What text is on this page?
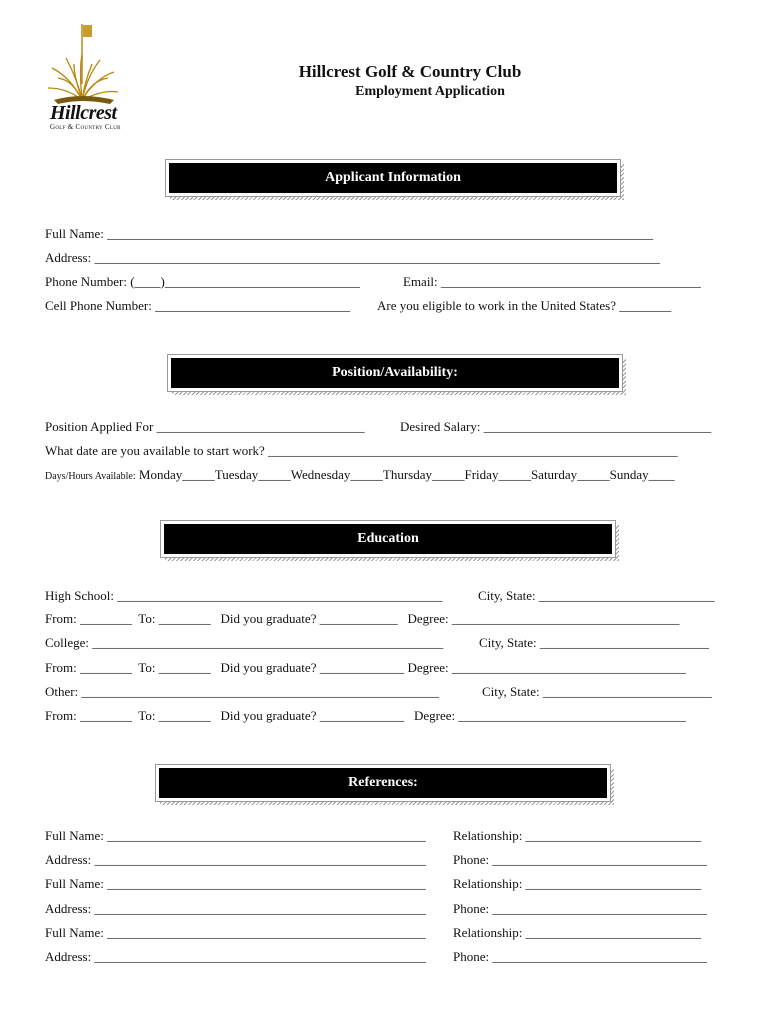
Hillcrest
Golf & Country Club
Hillcrest Golf & Country Club
Employment Application
Applicant Information
Full Name: ____________________________________________________________________________________
Address: _______________________________________________________________________________________
Phone Number: (____)______________________________	Email: ________________________________________
Cell Phone Number: ______________________________ Are you eligible to work in the United States? ________
Position/Availability:
Position Applied For ________________________________	Desired Salary: ___________________________________
What date are you available to start work? _______________________________________________________________
Days/Hours Available: Monday_____Tuesday_____Wednesday_____Thursday_____Friday_____Saturday_____Sunday____
Education
High School: __________________________________________________	City, State: ___________________________
From: ________  To: ________   Did you graduate? ____________   Degree: ___________________________________
College: ______________________________________________________	City, State: __________________________
From: ________  To: ________   Did you graduate? _____________ Degree: ____________________________________
Other: _______________________________________________________	City, State: __________________________
From: ________  To: ________   Did you graduate? _____________   Degree: ___________________________________
References:
Full Name: _________________________________________________ Relationship: ___________________________
Address: ___________________________________________________ Phone: _________________________________
Full Name: _________________________________________________ Relationship: ___________________________
Address: ___________________________________________________ Phone: _________________________________
Full Name: _________________________________________________ Relationship: ___________________________
Address: ___________________________________________________ Phone: _________________________________
